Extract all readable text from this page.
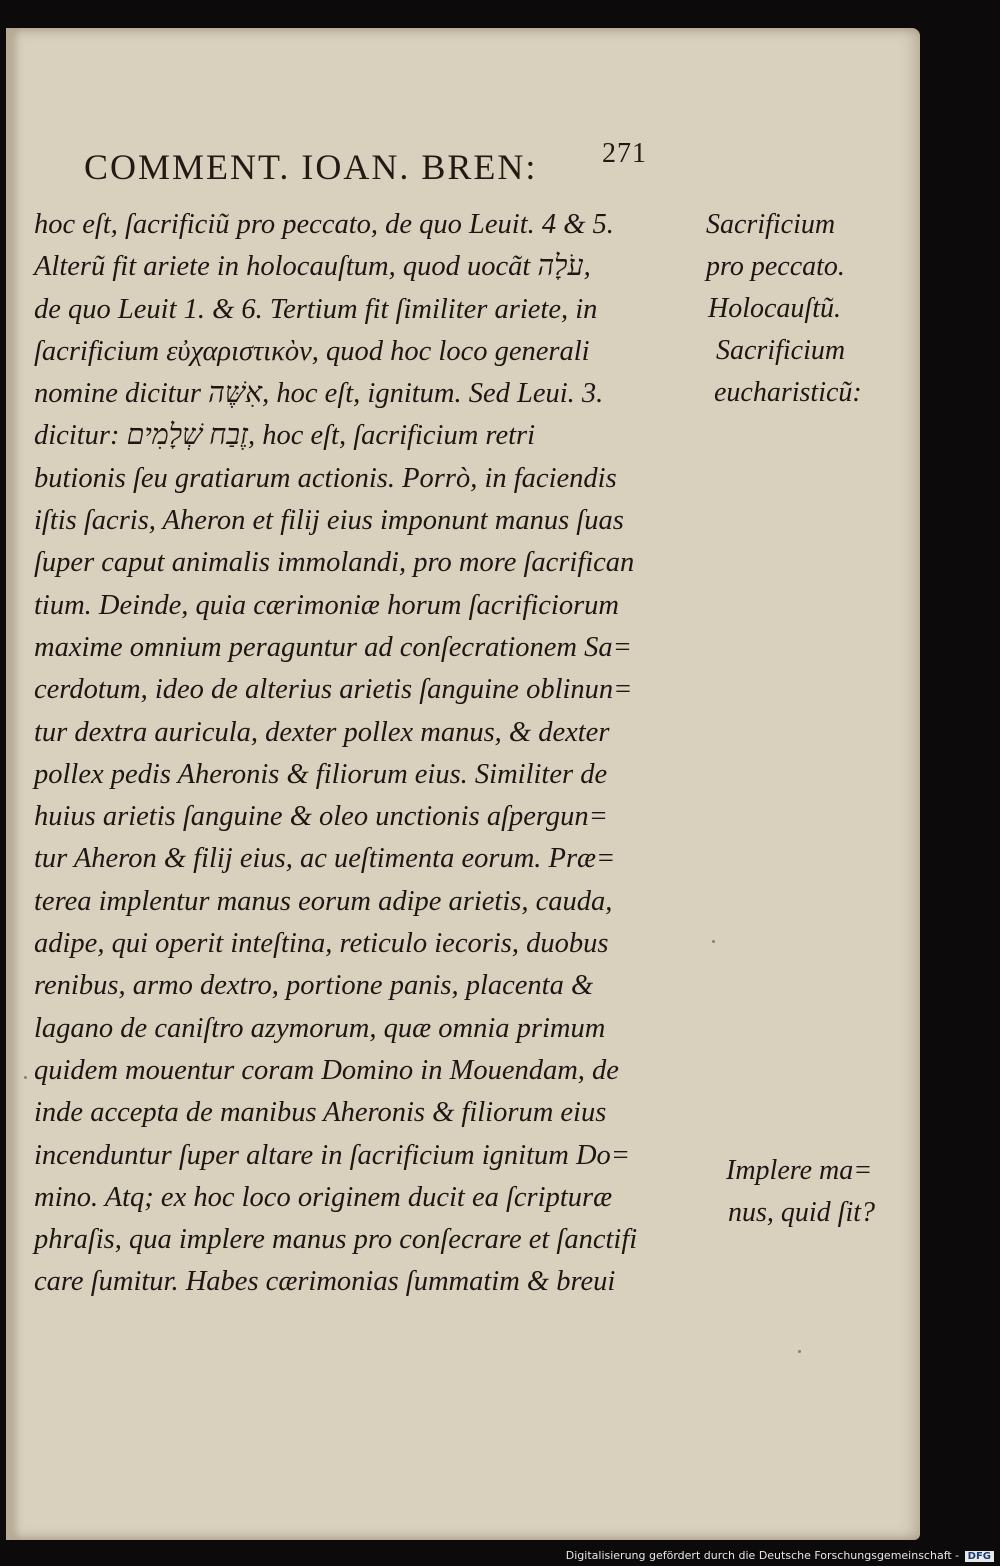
COMMENT. IOAN. BREN: 271
hoc eſt, ſacrificiũ pro peccato, de quo Leuit. 4 & 5.
Alterũ fit ariete in holocauſtum, quod uocãt עֹלָה,
de quo Leuit 1. & 6. Tertium fit ſimiliter ariete, in
ſacrificium εὐχαριστικὸν, quod hoc loco generali
nomine dicitur אִשֶּׁה, hoc eſt, ignitum. Sed Leui. 3.
dicitur: זֶבַח שְׁלָמִים, hoc eſt, ſacrificium retri
butionis ſeu gratiarum actionis. Porrò, in faciendis
iſtis ſacris, Aheron et filij eius imponunt manus ſuas
ſuper caput animalis immolandi, pro more ſacrifican
tium. Deinde, quia cærimoniæ horum ſacrificiorum
maxime omnium peraguntur ad conſecrationem Sa=
cerdotum, ideo de alterius arietis ſanguine oblinun=
tur dextra auricula, dexter pollex manus, & dexter
pollex pedis Aheronis & filiorum eius. Similiter de
huius arietis ſanguine & oleo unctionis aſpergun=
tur Aheron & filij eius, ac ueſtimenta eorum. Præ=
terea implentur manus eorum adipe arietis, cauda,
adipe, qui operit inteſtina, reticulo iecoris, duobus
renibus, armo dextro, portione panis, placenta &
lagano de caniſtro azymorum, quæ omnia primum
quidem mouentur coram Domino in Mouendam, de
inde accepta de manibus Aheronis & filiorum eius
incenduntur ſuper altare in ſacrificium ignitum Do=
mino. Atq; ex hoc loco originem ducit ea ſcripturæ
phraſis, qua implere manus pro conſecrare et ſanctifi
care ſumitur. Habes cærimonias ſummatim & breui
Sacrificium
pro peccato.
Holocauſtũ.
Sacrificium
eucharisticũ:
Implere ma=
nus, quid ſit?
Digitalisierung gefördert durch die Deutsche Forschungsgemeinschaft - DFG
